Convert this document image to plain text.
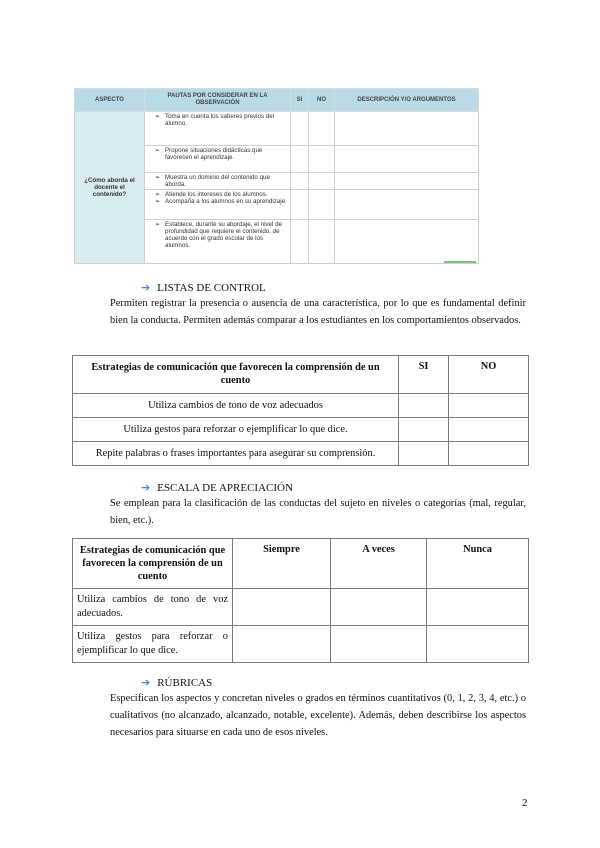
ASPECTO	PAUTAS POR CONSIDERAR EN LA OBSERVACIÓN	SI	NO	DESCRIPCIÓN Y/O ARGUMENTOS
¿Cómo aborda el docente el contenido?	➢ Toma en cuenta los saberes previos del alumno.			

	➢ Propone situaciones didácticas que favorecen el aprendizaje.			

	➢ Muestra un dominio del contenido que aborda.			

	➢ Atiende los intereses de los alumnos.
➢ Acompaña a los alumnos en su aprendizaje.			

	➢ Establece, durante su abordaje, el nivel de profundidad que requiere el contenido, de acuerdo con el grado escolar de los alumnos.			

➔ LISTAS DE CONTROL
Permiten registrar la presencia o ausencia de una característica, por lo que es fundamental definir bien la conducta. Permiten además comparar a los estudiantes en los comportamientos observados.
Estrategias de comunicación que favorecen la comprensión de un cuento	SI	NO
Utiliza cambios de tono de voz adecuados		
Utiliza gestos para reforzar o ejemplificar lo que dice.		
Repite palabras o frases importantes para asegurar su comprensión.		
➔ ESCALA DE APRECIACIÓN
Se emplean para la clasificación de las conductas del sujeto en niveles o categorías (mal, regular, bien, etc.).
Estrategias de comunicación que favorecen la comprensión de un cuento	Siempre	A veces	Nunca
Utiliza cambios de tono de voz adecuados.			
Utiliza gestos para reforzar o ejemplificar lo que dice.			
➔ RÚBRICAS
Especifican los aspectos y concretan niveles o grados en términos cuantitativos (0, 1, 2, 3, 4, etc.) o cualitativos (no alcanzado, alcanzado, notable, excelente). Además, deben describirse los aspectos necesarios para situarse en cada uno de esos niveles.
2
